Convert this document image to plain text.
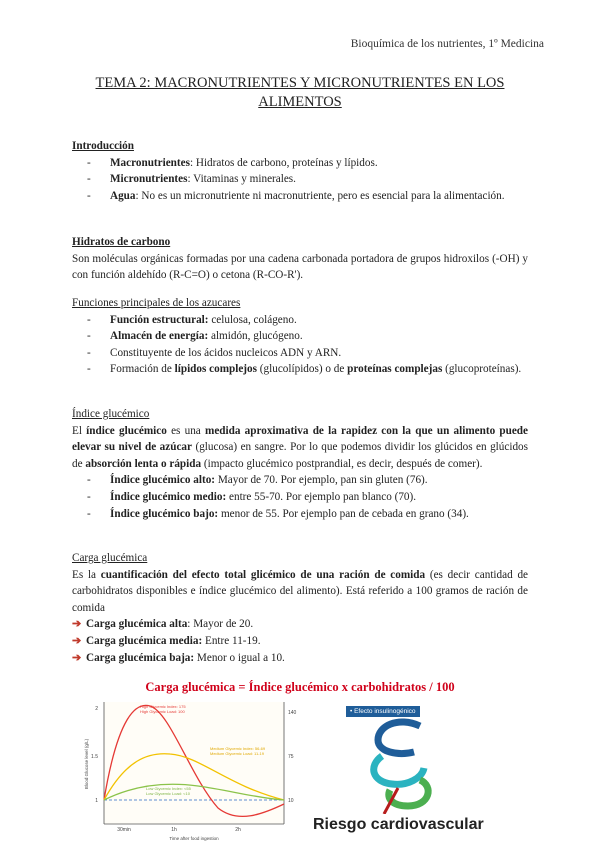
Bioquímica de los nutrientes, 1º Medicina
TEMA 2: MACRONUTRIENTES Y MICRONUTRIENTES EN LOS ALIMENTOS
Introducción
- Macronutrientes: Hidratos de carbono, proteínas y lípidos.
- Micronutrientes: Vitaminas y minerales.
- Agua: No es un micronutriente ni macronutriente, pero es esencial para la alimentación.
Hidratos de carbono

Son moléculas orgánicas formadas por una cadena carbonada portadora de grupos hidroxilos (-OH) y con función aldehído (R-C=O) o cetona (R-CO-R').

Funciones principales de los azucares
- Función estructural: celulosa, colágeno.
- Almacén de energía: almidón, glucógeno.
- Constituyente de los ácidos nucleicos ADN y ARN.
- Formación de lípidos complejos (glucolípidos) o de proteínas complejas (glucoproteínas).
Índice glucémico

El índice glucémico es una medida aproximativa de la rapidez con la que un alimento puede elevar su nivel de azúcar (glucosa) en sangre. Por lo que podemos dividir los glúcidos en glúcidos de absorción lenta o rápida (impacto glucémico postprandial, es decir, después de comer).

- Índice glucémico alto: Mayor de 70. Por ejemplo, pan sin gluten (76).
- Índice glucémico medio: entre 55-70. Por ejemplo pan blanco (70).
- Índice glucémico bajo: menor de 55. Por ejemplo pan de cebada en grano (34).
Carga glucémica

Es la cuantificación del efecto total glicémico de una ración de comida (es decir cantidad de carbohidratos disponibles e índice glucémico del alimento). Está referido a 100 gramos de ración de comida

➔ Carga glucémica alta: Mayor de 20.
➔ Carga glucémica media: Entre 11-19.
➔ Carga glucémica baja: Menor o igual a 10.
Carga glucémica = Índice glucémico x carbohidratos / 100
2
1.5
1
140
75
10
30min	1h	2h
Time after food ingestion
Blood Glucose level (g/L)
High Glycemic Index: 175
High Glycemic Load: 100
Medium Glycemic Index: 56-69
Medium Glycemic Load: 11-19
Low Glycemic Index: <55
Low Glycemic Load: <10
• Efecto insulinogénico
Riesgo cardiovascular
